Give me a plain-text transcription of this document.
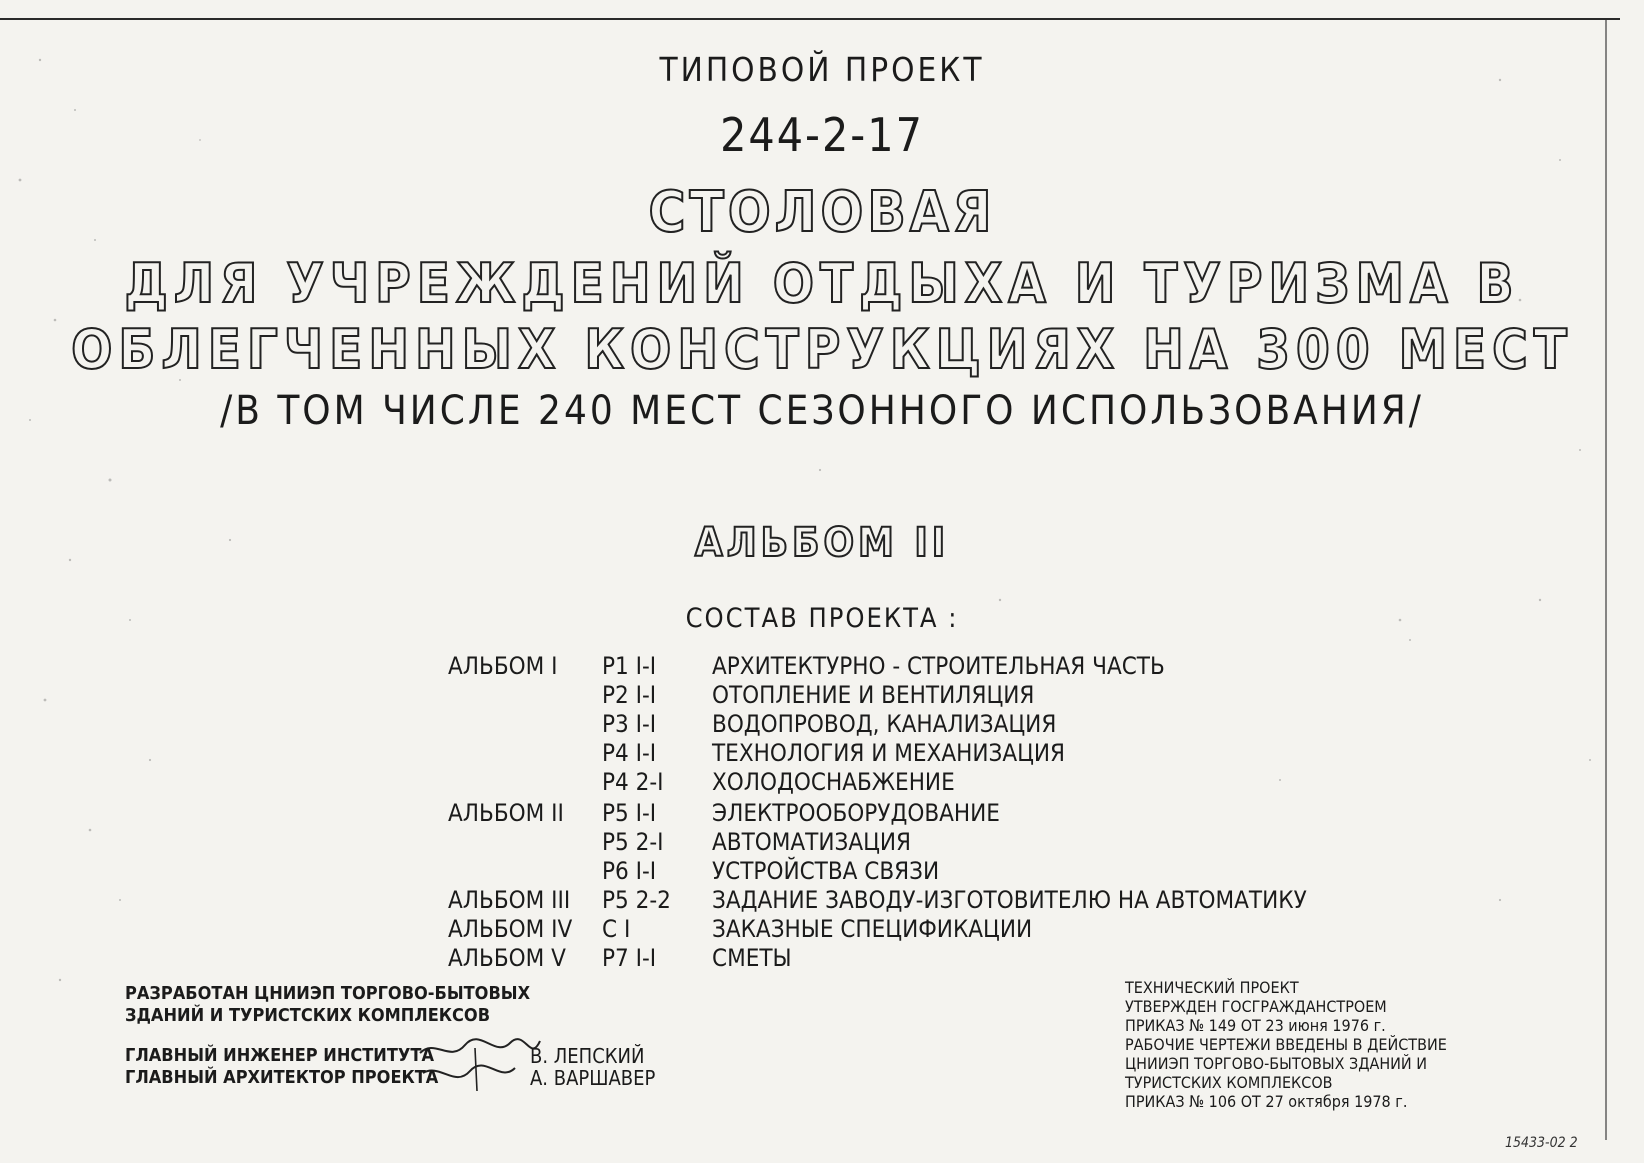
ТИПОВОЙ ПРОЕКТ
244-2-17
СТОЛОВАЯ
ДЛЯ УЧРЕЖДЕНИЙ ОТДЫХА И ТУРИЗМА В
ОБЛЕГЧЕННЫХ КОНСТРУКЦИЯХ НА 300 МЕСТ
/В ТОМ ЧИСЛЕ 240 МЕСТ СЕЗОННОГО ИСПОЛЬЗОВАНИЯ/
АЛЬБОМ II
СОСТАВ ПРОЕКТА :
АЛЬБОМ I	Р1 I-I	АРХИТЕКТУРНО - СТРОИТЕЛЬНАЯ ЧАСТЬ
Р2 I-I	ОТОПЛЕНИЕ И ВЕНТИЛЯЦИЯ
Р3 I-I	ВОДОПРОВОД, КАНАЛИЗАЦИЯ
Р4 I-I	ТЕХНОЛОГИЯ И МЕХАНИЗАЦИЯ
Р4 2-I	ХОЛОДОСНАБЖЕНИЕ
АЛЬБОМ II	Р5 I-I	ЭЛЕКТРООБОРУДОВАНИЕ
Р5 2-I	АВТОМАТИЗАЦИЯ
Р6 I-I	УСТРОЙСТВА СВЯЗИ
АЛЬБОМ III	Р5 2-2	ЗАДАНИЕ ЗАВОДУ-ИЗГОТОВИТЕЛЮ НА АВТОМАТИКУ
АЛЬБОМ IV	С I	ЗАКАЗНЫЕ СПЕЦИФИКАЦИИ
АЛЬБОМ V	Р7 I-I	СМЕТЫ
РАЗРАБОТАН ЦНИИЭП ТОРГОВО-БЫТОВЫХ
ЗДАНИЙ И ТУРИСТСКИХ КОМПЛЕКСОВ
ГЛАВНЫЙ ИНЖЕНЕР ИНСТИТУТА	В. ЛЕПСКИЙ
ГЛАВНЫЙ АРХИТЕКТОР ПРОЕКТА	А. ВАРШАВЕР
ТЕХНИЧЕСКИЙ ПРОЕКТ
УТВЕРЖДЕН ГОСГРАЖДАНСТРОЕМ
ПРИКАЗ № 149 ОТ 23 июня 1976 г.
РАБОЧИЕ ЧЕРТЕЖИ ВВЕДЕНЫ В ДЕЙСТВИЕ
ЦНИИЭП ТОРГОВО-БЫТОВЫХ ЗДАНИЙ И
ТУРИСТСКИХ КОМПЛЕКСОВ
ПРИКАЗ № 106 ОТ 27 октября 1978 г.
15433-02 2
